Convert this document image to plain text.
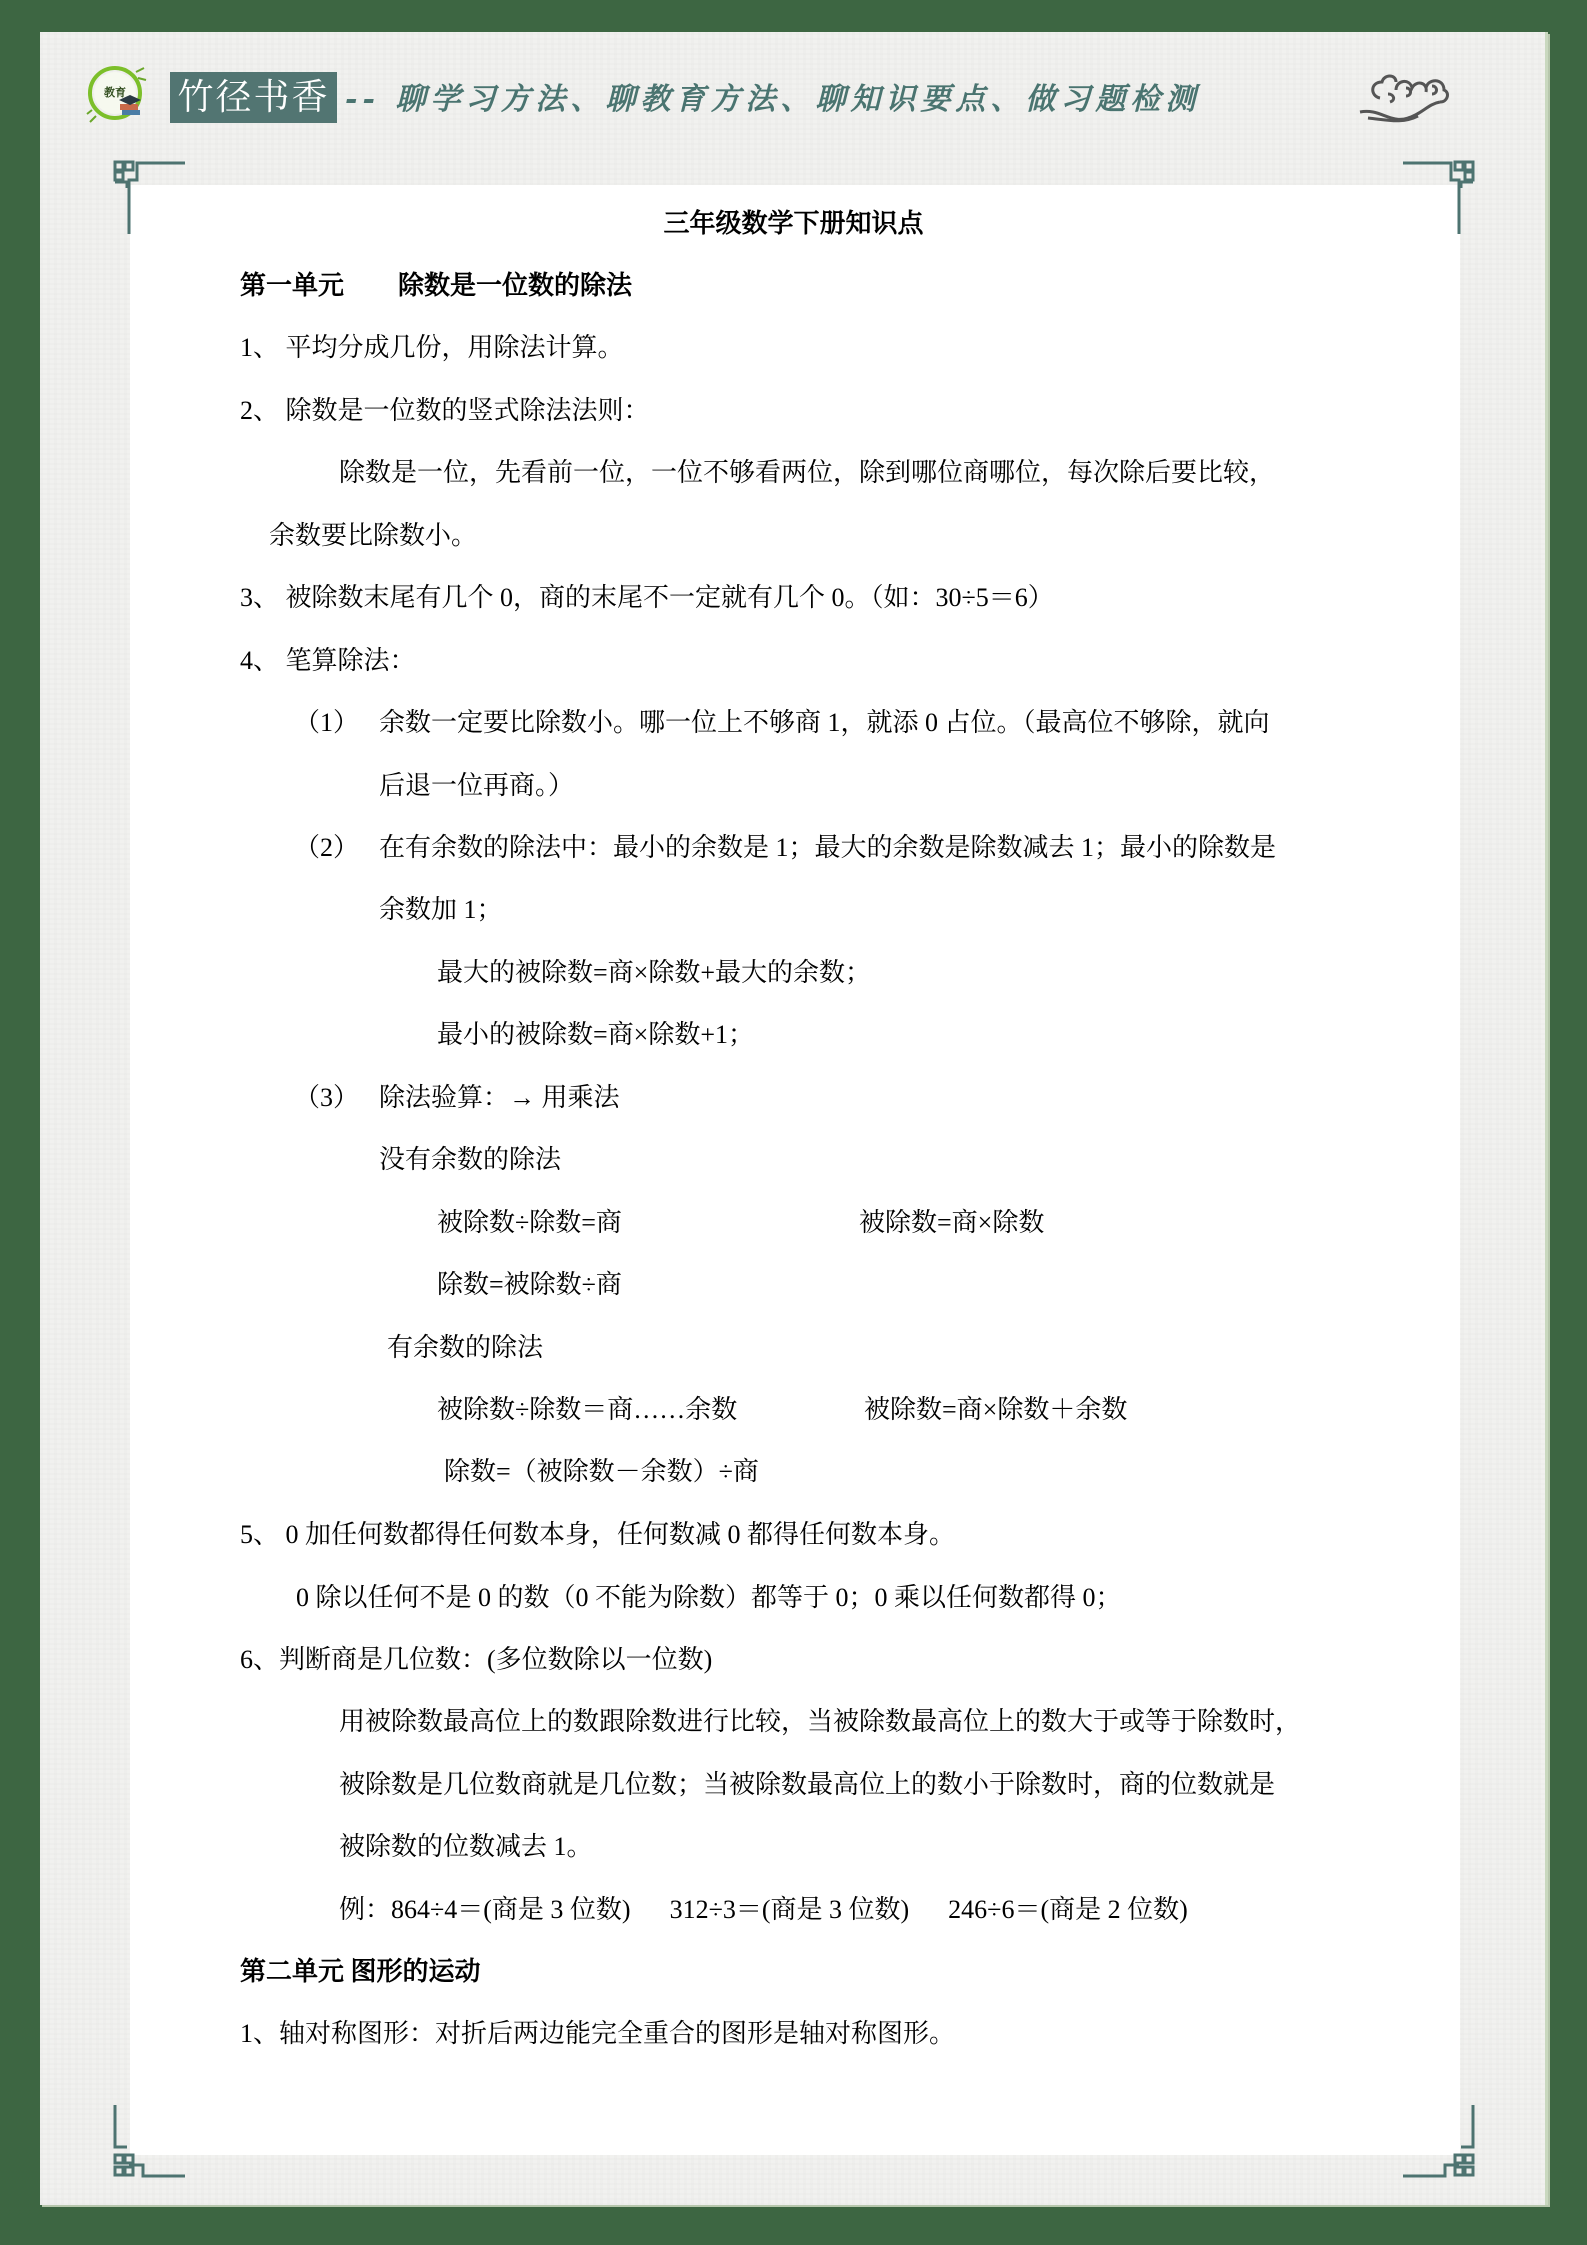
教育 竹径书香 -- 聊学习方法、聊教育方法、聊知识要点、做习题检测
三年级数学下册知识点
第一单元 除数是一位数的除法
1、 平均分成几份，用除法计算。
2、 除数是一位数的竖式除法法则：
除数是一位，先看前一位，一位不够看两位，除到哪位商哪位，每次除后要比较，
余数要比除数小。
3、 被除数末尾有几个 0，商的末尾不一定就有几个 0。（如：30÷5＝6）
4、 笔算除法：
（1） 余数一定要比除数小。哪一位上不够商 1，就添 0 占位。（最高位不够除，就向
后退一位再商。）
（2） 在有余数的除法中：最小的余数是 1；最大的余数是除数减去 1；最小的除数是
余数加 1；
最大的被除数=商×除数+最大的余数；
最小的被除数=商×除数+1；
（3） 除法验算：→ 用乘法
没有余数的除法
被除数÷除数=商	被除数=商×除数
除数=被除数÷商
有余数的除法
被除数÷除数＝商……余数	被除数=商×除数＋余数
除数=（被除数－余数）÷商
5、 0 加任何数都得任何数本身，任何数减 0 都得任何数本身。
0 除以任何不是 0 的数（0 不能为除数）都等于 0；0 乘以任何数都得 0；
6、判断商是几位数：(多位数除以一位数)
用被除数最高位上的数跟除数进行比较，当被除数最高位上的数大于或等于除数时，
被除数是几位数商就是几位数；当被除数最高位上的数小于除数时，商的位数就是
被除数的位数减去 1。
例：864÷4＝(商是 3 位数)      312÷3＝(商是 3 位数)      246÷6＝(商是 2 位数)
第二单元 图形的运动
1、轴对称图形：对折后两边能完全重合的图形是轴对称图形。
